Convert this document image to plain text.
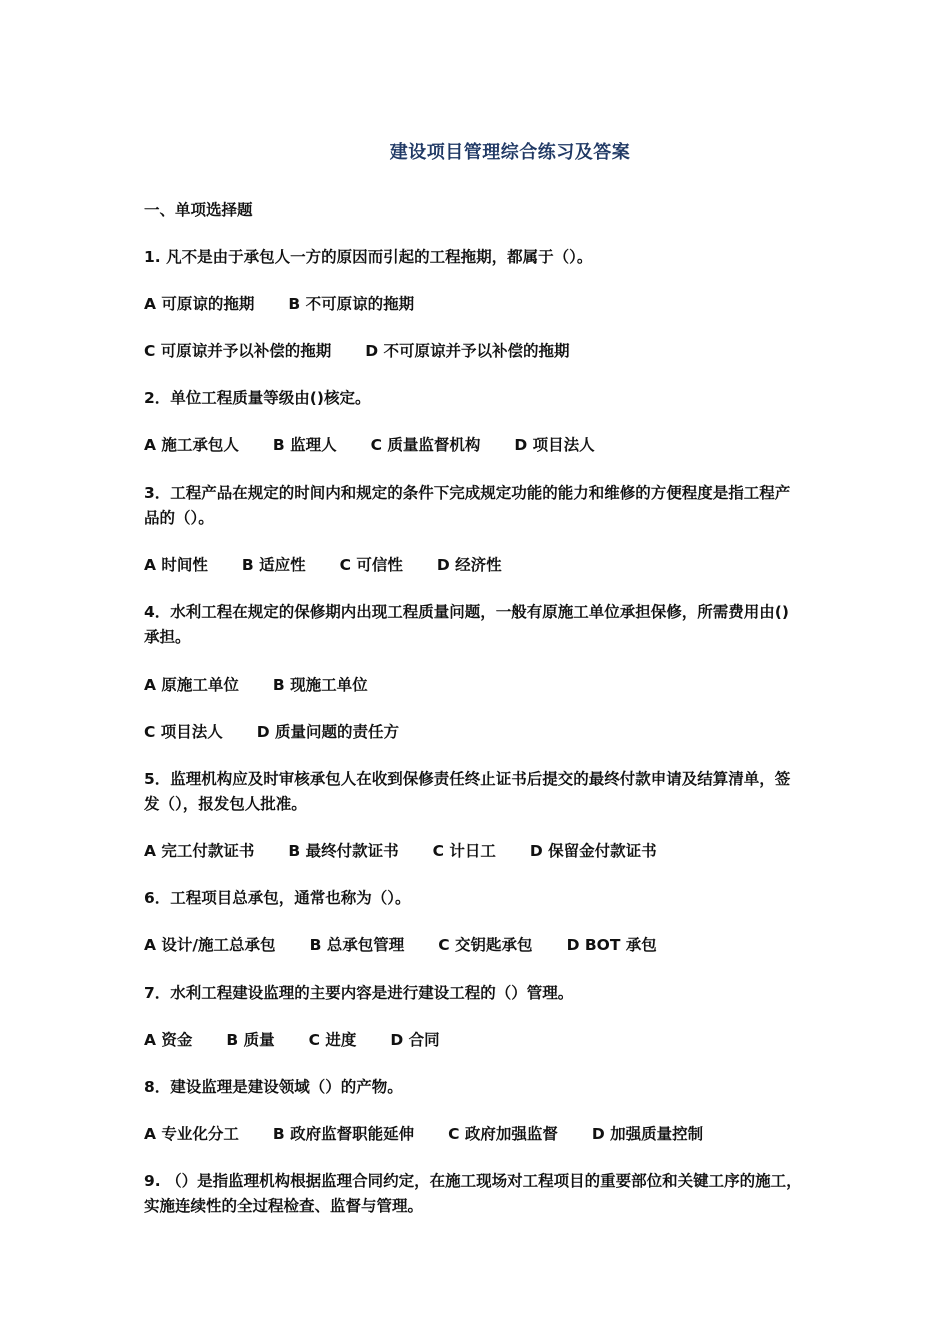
建设项目管理综合练习及答案
一、单项选择题
1. 凡不是由于承包人一方的原因而引起的工程拖期，都属于（）。
A 可原谅的拖期 B 不可原谅的拖期
C 可原谅并予以补偿的拖期 D 不可原谅并予以补偿的拖期
2．单位工程质量等级由()核定。
A 施工承包人 B 监理人 C 质量监督机构 D 项目法人
3．工程产品在规定的时间内和规定的条件下完成规定功能的能力和维修的方便程度是指工程产品的（）。
A 时间性 B 适应性 C 可信性 D 经济性
4．水利工程在规定的保修期内出现工程质量问题，一般有原施工单位承担保修，所需费用由()承担。
A 原施工单位 B 现施工单位
C 项目法人 D 质量问题的责任方
5．监理机构应及时审核承包人在收到保修责任终止证书后提交的最终付款申请及结算清单，签发（），报发包人批准。
A 完工付款证书 B 最终付款证书 C 计日工 D 保留金付款证书
6．工程项目总承包，通常也称为（）。
A 设计/施工总承包 B 总承包管理 C 交钥匙承包 D BOT 承包
7．水利工程建设监理的主要内容是进行建设工程的（）管理。
A 资金 B 质量 C 进度 D 合同
8．建设监理是建设领域（）的产物。
A 专业化分工 B 政府监督职能延伸 C 政府加强监督 D 加强质量控制
9. （）是指监理机构根据监理合同约定，在施工现场对工程项目的重要部位和关键工序的施工，实施连续性的全过程检查、监督与管理。
